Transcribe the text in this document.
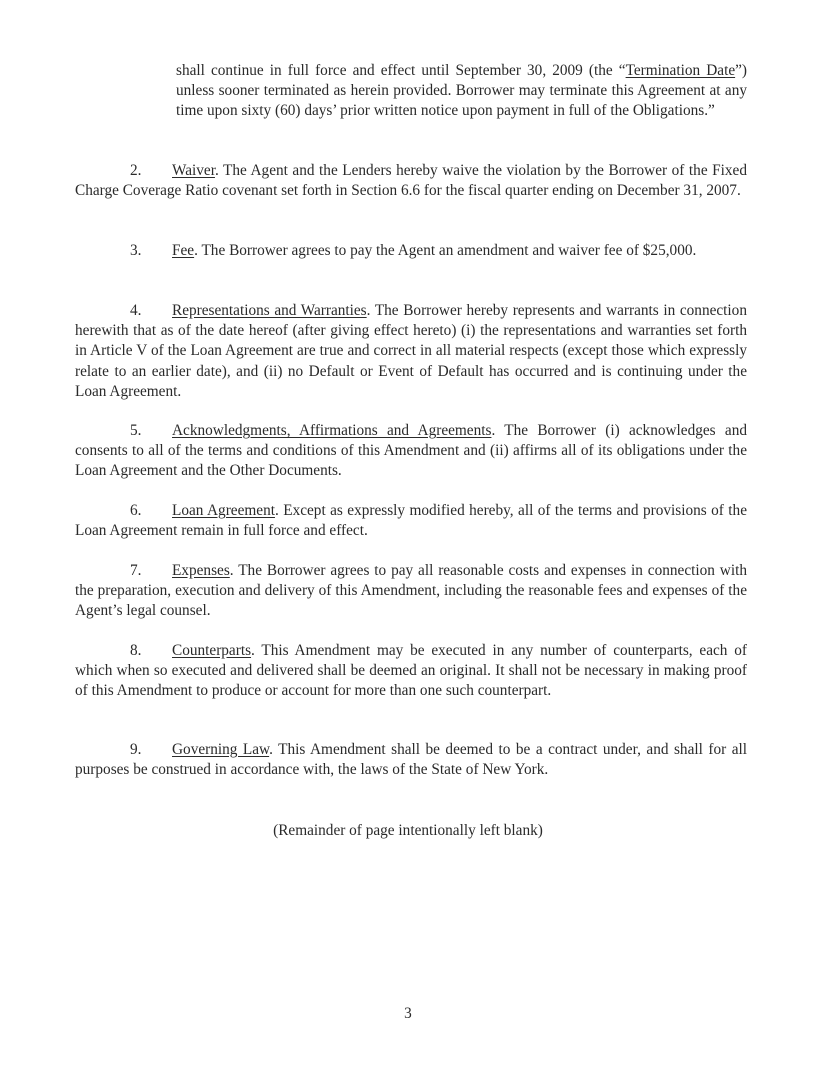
shall continue in full force and effect until September 30, 2009 (the “Termination Date”) unless sooner terminated as herein provided. Borrower may terminate this Agreement at any time upon sixty (60) days’ prior written notice upon payment in full of the Obligations.”
2. Waiver. The Agent and the Lenders hereby waive the violation by the Borrower of the Fixed Charge Coverage Ratio covenant set forth in Section 6.6 for the fiscal quarter ending on December 31, 2007.
3. Fee. The Borrower agrees to pay the Agent an amendment and waiver fee of $25,000.
4. Representations and Warranties. The Borrower hereby represents and warrants in connection herewith that as of the date hereof (after giving effect hereto) (i) the representations and warranties set forth in Article V of the Loan Agreement are true and correct in all material respects (except those which expressly relate to an earlier date), and (ii) no Default or Event of Default has occurred and is continuing under the Loan Agreement.
5. Acknowledgments, Affirmations and Agreements. The Borrower (i) acknowledges and consents to all of the terms and conditions of this Amendment and (ii) affirms all of its obligations under the Loan Agreement and the Other Documents.
6. Loan Agreement. Except as expressly modified hereby, all of the terms and provisions of the Loan Agreement remain in full force and effect.
7. Expenses. The Borrower agrees to pay all reasonable costs and expenses in connection with the preparation, execution and delivery of this Amendment, including the reasonable fees and expenses of the Agent’s legal counsel.
8. Counterparts. This Amendment may be executed in any number of counterparts, each of which when so executed and delivered shall be deemed an original. It shall not be necessary in making proof of this Amendment to produce or account for more than one such counterpart.
9. Governing Law. This Amendment shall be deemed to be a contract under, and shall for all purposes be construed in accordance with, the laws of the State of New York.
(Remainder of page intentionally left blank)
3
